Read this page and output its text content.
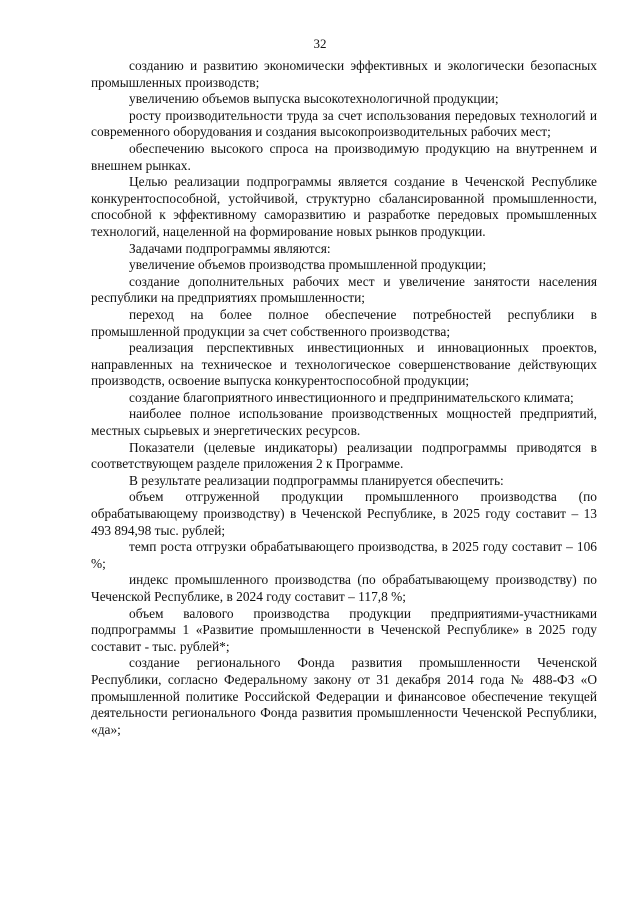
32

созданию и развитию экономически эффективных и экологически безопасных промышленных производств;

увеличению объемов выпуска высокотехнологичной продукции;

росту производительности труда за счет использования передовых технологий и современного оборудования и создания высокопроизводительных рабочих мест;

обеспечению высокого спроса на производимую продукцию на внутреннем и внешнем рынках.

Целью реализации подпрограммы является создание в Чеченской Республике конкурентоспособной, устойчивой, структурно сбалансированной промышленности, способной к эффективному саморазвитию и разработке передовых промышленных технологий, нацеленной на формирование новых рынков продукции.

Задачами подпрограммы являются:

увеличение объемов производства промышленной продукции;

создание дополнительных рабочих мест и увеличение занятости населения республики на предприятиях промышленности;

переход на более полное обеспечение потребностей республики в промышленной продукции за счет собственного производства;

реализация перспективных инвестиционных и инновационных проектов, направленных на техническое и технологическое совершенствование действующих производств, освоение выпуска конкурентоспособной продукции;

создание благоприятного инвестиционного и предпринимательского климата;

наиболее полное использование производственных мощностей предприятий, местных сырьевых и энергетических ресурсов.

Показатели (целевые индикаторы) реализации подпрограммы приводятся в соответствующем разделе приложения 2 к Программе.

В результате реализации подпрограммы планируется обеспечить:

объем отгруженной продукции промышленного производства (по обрабатывающему производству) в Чеченской Республике, в 2025 году составит – 13 493 894,98 тыс. рублей;

темп роста отгрузки обрабатывающего производства, в 2025 году составит – 106 %;

индекс промышленного производства (по обрабатывающему производству) по Чеченской Республике, в 2024 году составит – 117,8 %;

объем валового производства продукции предприятиями-участниками подпрограммы 1 «Развитие промышленности в Чеченской Республике» в 2025 году составит - тыс. рублей*;

создание регионального Фонда развития промышленности Чеченской Республики, согласно Федеральному закону от 31 декабря 2014 года № 488-ФЗ «О промышленной политике Российской Федерации и финансовое обеспечение текущей деятельности регионального Фонда развития промышленности Чеченской Республики, «да»;
